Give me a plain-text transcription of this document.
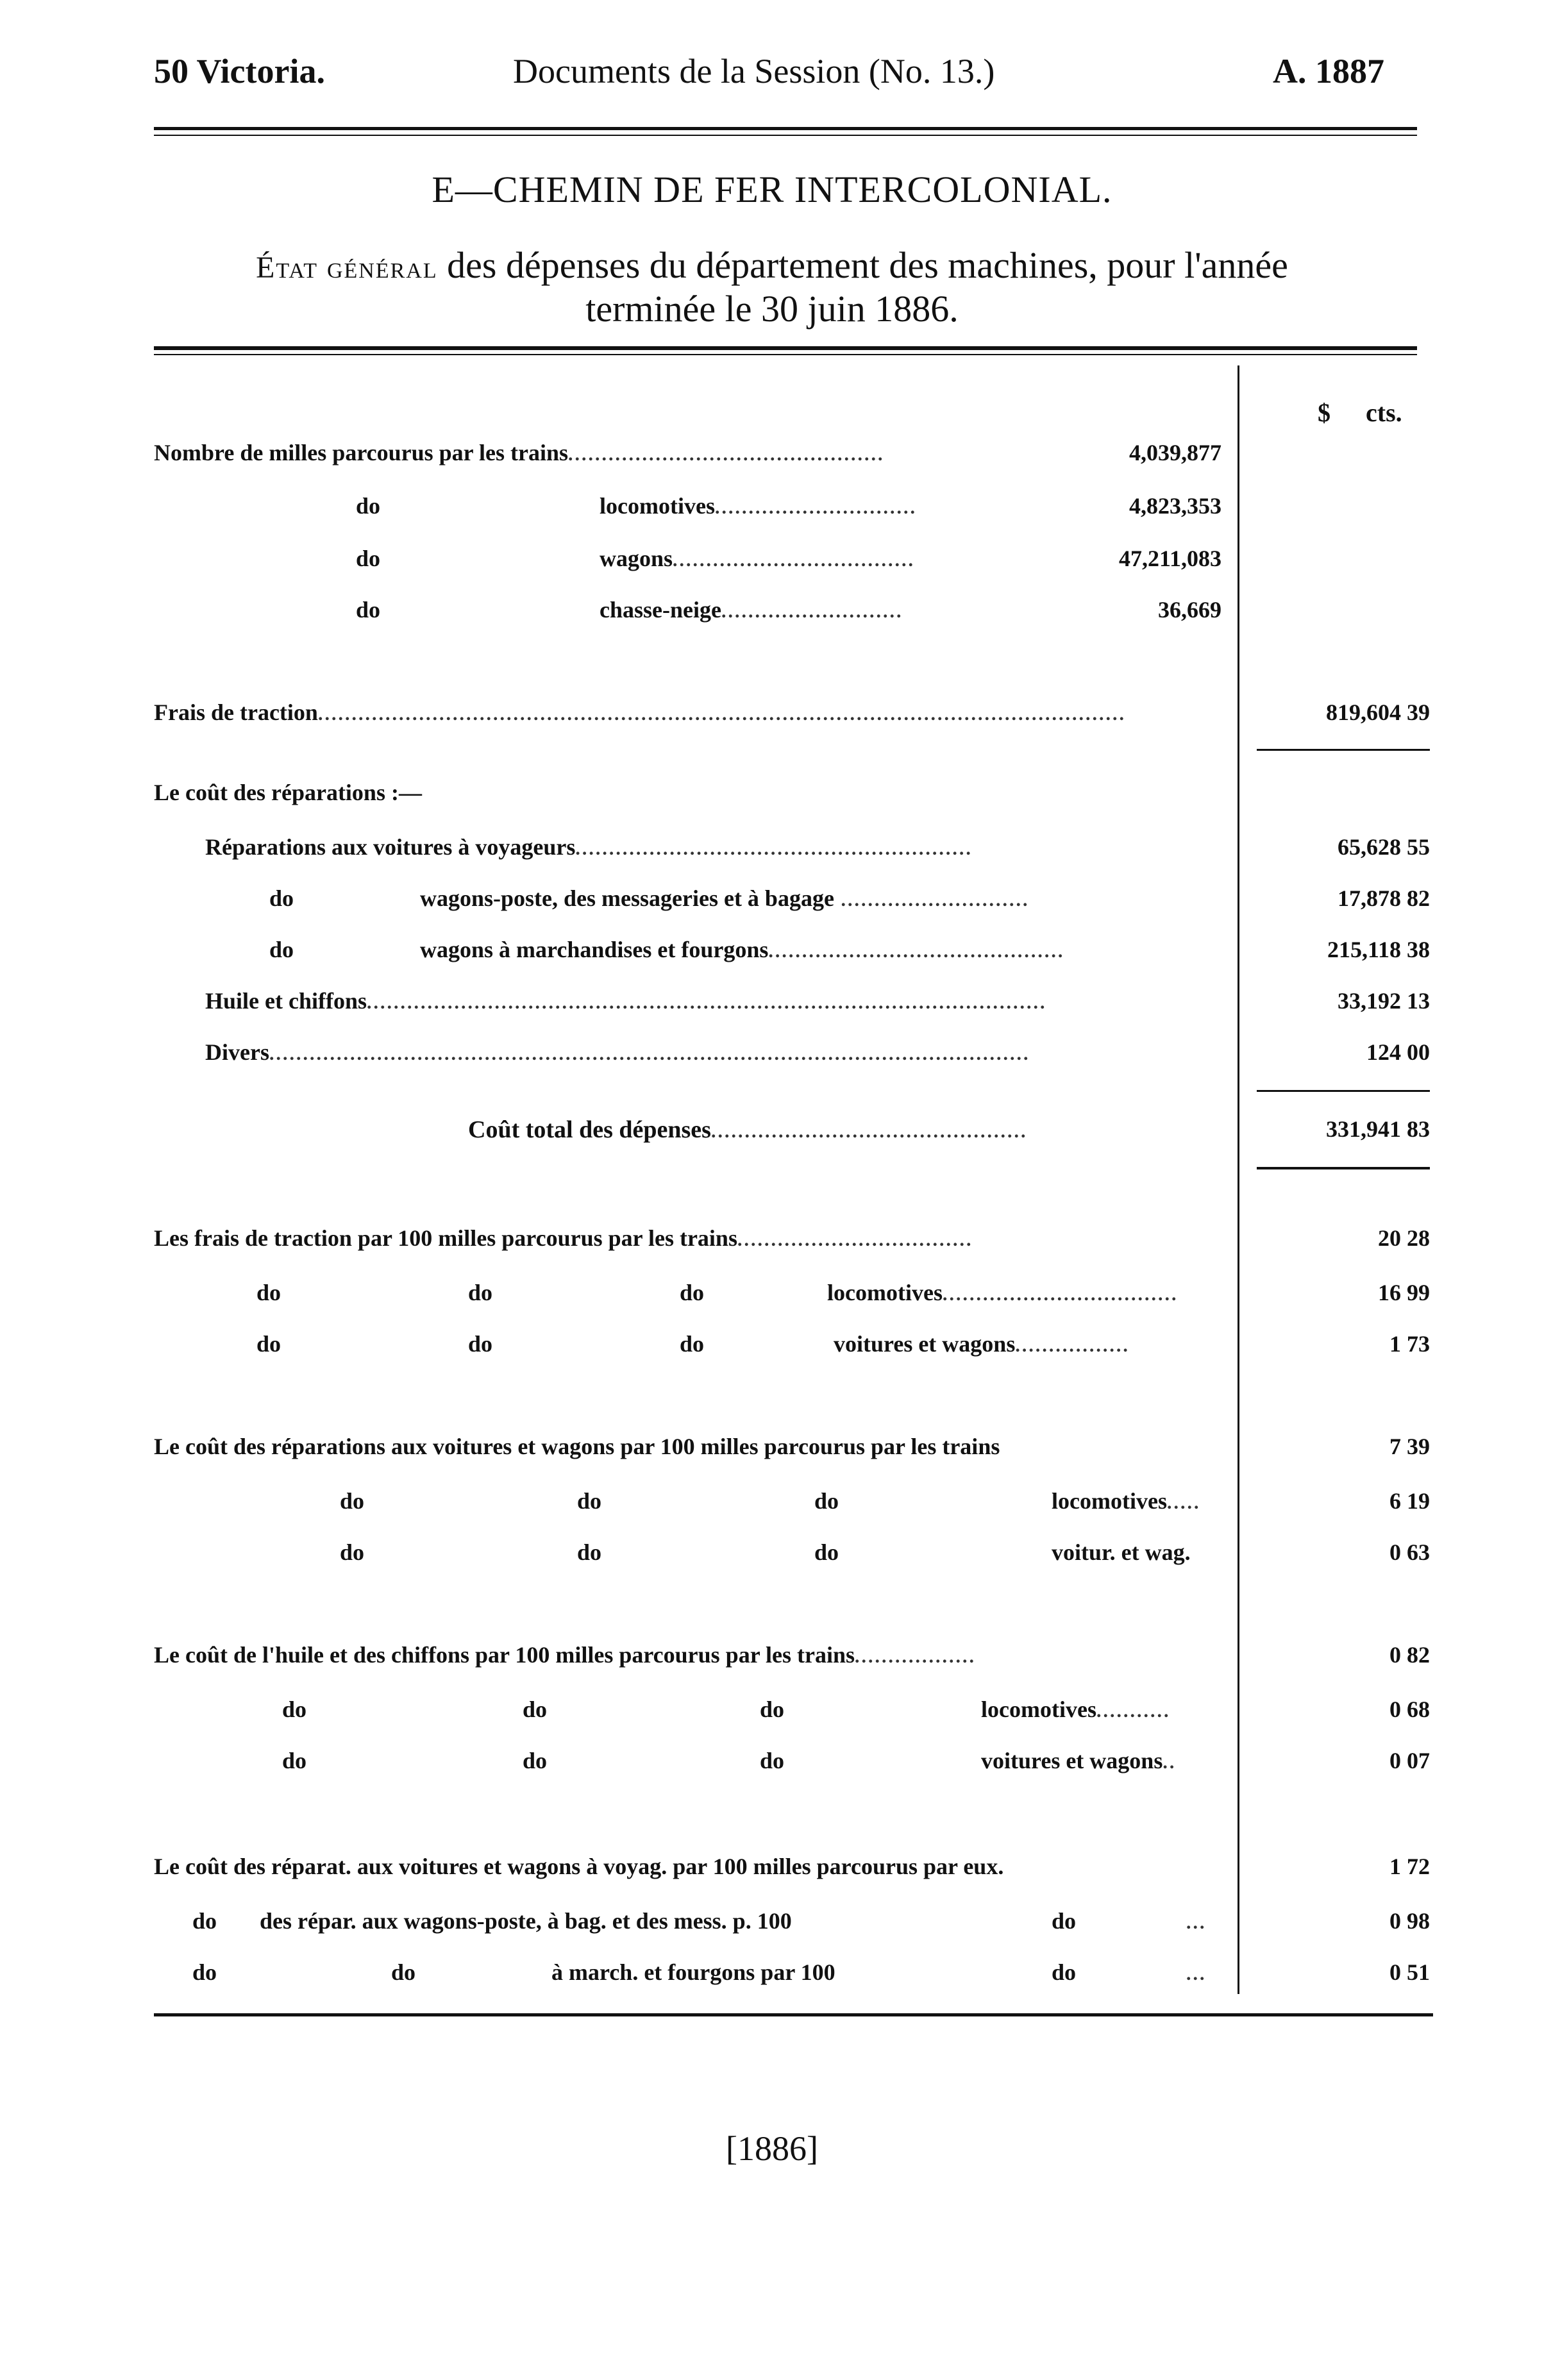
50 Victoria.	Documents de la Session (No. 13.)	A. 1887
E—CHEMIN DE FER INTERCOLONIAL.
État général des dépenses du département des machines, pour l'année
terminée le 30 juin 1886.
$ cts.
Nombre de milles parcourus par les trains...............................................	4,039,877
do	locomotives..............................	4,823,353
do	wagons....................................	47,211,083
do	chasse-neige...........................	36,669
Frais de traction........................................................................................................................	819,604 39
Le coût des réparations :—
Réparations aux voitures à voyageurs...........................................................	65,628 55
do	wagons-poste, des messageries et à bagage ............................	17,878 82
do	wagons à marchandises et fourgons............................................	215,118 38
Huile et chiffons.....................................................................................................	33,192 13
Divers.................................................................................................................	124 00
Coût total des dépenses...............................................	331,941 83
Les frais de traction par 100 milles parcourus par les trains...................................	20 28
do	do	do	locomotives...................................	16 99
do	do	do	voitures et wagons.................	1 73
Le coût des réparations aux voitures et wagons par 100 milles parcourus par les trains	7 39
do	do	do	locomotives.....	6 19
do	do	do	voitur. et wag.	0 63
Le coût de l'huile et des chiffons par 100 milles parcourus par les trains..................	0 82
do	do	do	locomotives...........	0 68
do	do	do	voitures et wagons..	0 07
Le coût des réparat. aux voitures et wagons à voyag. par 100 milles parcourus par eux.	1 72
do des répar. aux wagons-poste, à bag. et des mess. p. 100	do	...	0 98
do	do	à march. et fourgons par 100	do	...	0 51
[1886]
